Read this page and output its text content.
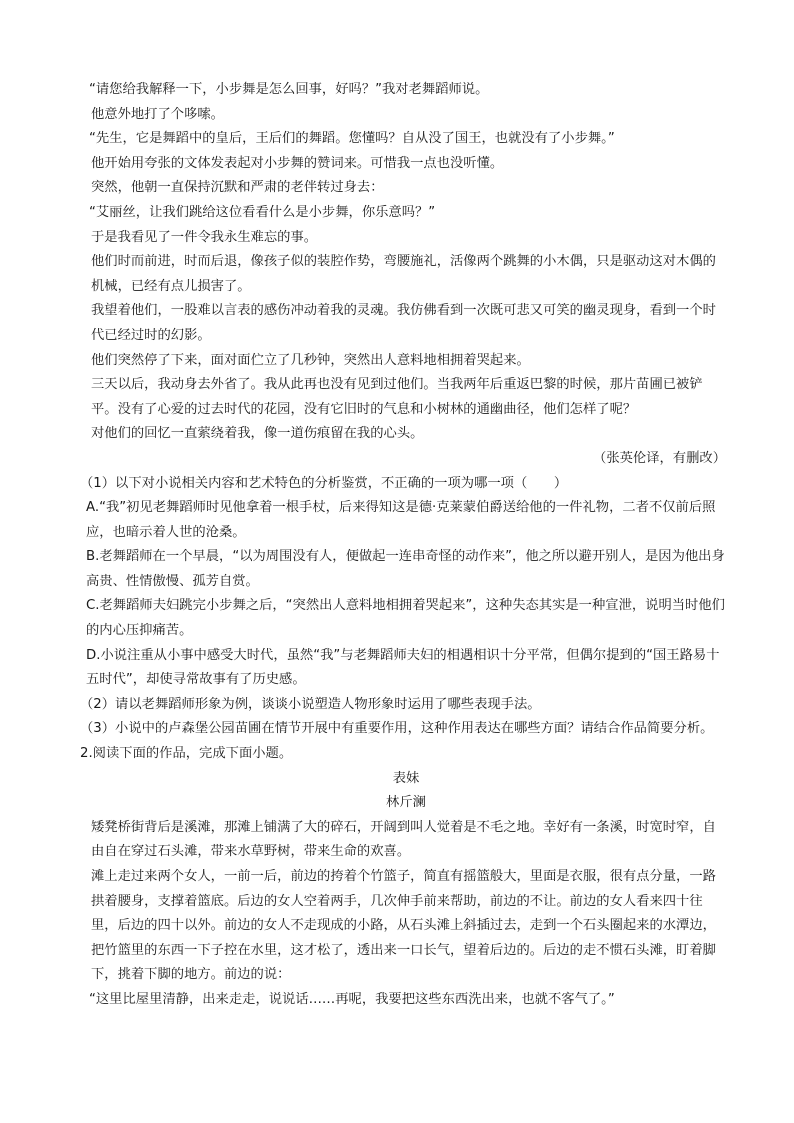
“请您给我解释一下，小步舞是怎么回事，好吗？”我对老舞蹈师说。

他意外地打了个哆嗦。

“先生，它是舞蹈中的皇后，王后们的舞蹈。您懂吗？自从没了国王，也就没有了小步舞。”

他开始用夸张的文体发表起对小步舞的赞词来。可惜我一点也没听懂。

突然，他朝一直保持沉默和严肃的老伴转过身去：

“艾丽丝，让我们跳给这位看看什么是小步舞，你乐意吗？”

于是我看见了一件令我永生难忘的事。

他们时而前进，时而后退，像孩子似的装腔作势，弯腰施礼，活像两个跳舞的小木偶，只是驱动这对木偶的机械，已经有点儿损害了。

我望着他们，一股难以言表的感伤冲动着我的灵魂。我仿佛看到一次既可悲又可笑的幽灵现身，看到一个时代已经过时的幻影。

他们突然停了下来，面对面伫立了几秒钟，突然出人意料地相拥着哭起来。

三天以后，我动身去外省了。我从此再也没有见到过他们。当我两年后重返巴黎的时候，那片苗圃已被铲平。没有了心爱的过去时代的花园，没有它旧时的气息和小树林的通幽曲径，他们怎样了呢？

对他们的回忆一直萦绕着我，像一道伤痕留在我的心头。

（张英伦译，有删改）

（1）以下对小说相关内容和艺术特色的分析鉴赏，不正确的一项为哪一项（　　）

A.“我”初见老舞蹈师时见他拿着一根手杖，后来得知这是德·克莱蒙伯爵送给他的一件礼物，二者不仅前后照应，也暗示着人世的沧桑。

B.老舞蹈师在一个早晨，“以为周围没有人，便做起一连串奇怪的动作来”，他之所以避开别人，是因为他出身高贵、性情傲慢、孤芳自赏。

C.老舞蹈师夫妇跳完小步舞之后，“突然出人意料地相拥着哭起来”，这种失态其实是一种宣泄，说明当时他们的内心压抑痛苦。

D.小说注重从小事中感受大时代，虽然“我”与老舞蹈师夫妇的相遇相识十分平常，但偶尔提到的“国王路易十五时代”，却使寻常故事有了历史感。

（2）请以老舞蹈师形象为例，谈谈小说塑造人物形象时运用了哪些表现手法。

（3）小说中的卢森堡公园苗圃在情节开展中有重要作用，这种作用表达在哪些方面？请结合作品简要分析。

2.阅读下面的作品，完成下面小题。

表妹

林斤澜

矮凳桥街背后是溪滩，那滩上铺满了大的碎石，开阔到叫人觉着是不毛之地。幸好有一条溪，时宽时窄，自由自在穿过石头滩，带来水草野树，带来生命的欢喜。

滩上走过来两个女人，一前一后，前边的挎着个竹篮子，简直有摇篮般大，里面是衣服，很有点分量，一路拱着腰身，支撑着篮底。后边的女人空着两手，几次伸手前来帮助，前边的不让。前边的女人看来四十往里，后边的四十以外。前边的女人不走现成的小路，从石头滩上斜插过去，走到一个石头圈起来的水潭边，把竹篮里的东西一下子控在水里，这才松了，透出来一口长气，望着后边的。后边的走不惯石头滩，盯着脚下，挑着下脚的地方。前边的说：

“这里比屋里清静，出来走走，说说话……再呢，我要把这些东西洗出来，也就不客气了。”
